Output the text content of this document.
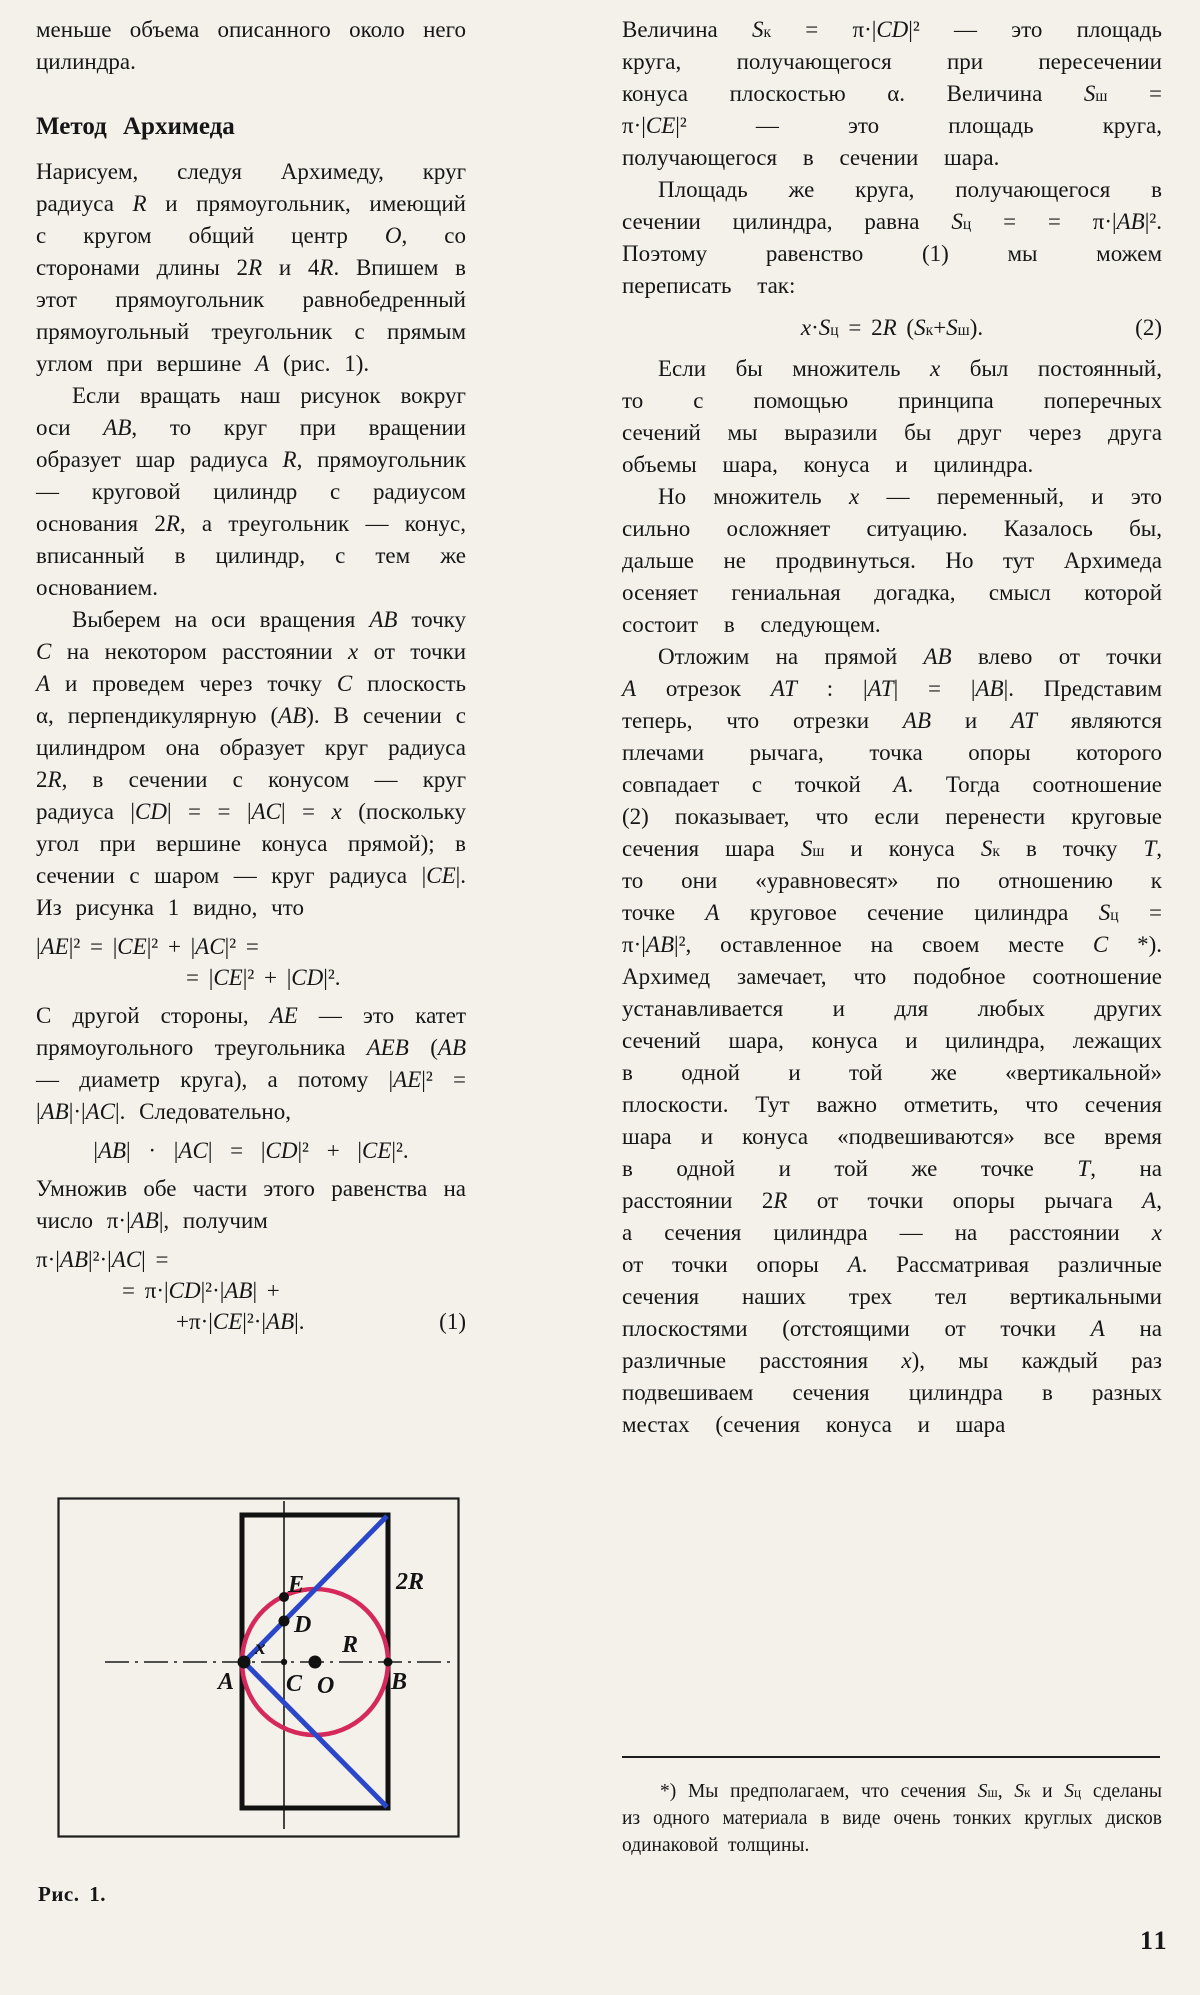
меньше объема описанного около него цилиндра.

Метод Архимеда

Нарисуем, следуя Архимеду, круг радиуса R и прямоугольник, имеющий с кругом общий центр O, со сторонами длины 2R и 4R. Впишем в этот прямоугольник равнобедренный прямоугольный треугольник с прямым углом при вершине A (рис. 1).

Если вращать наш рисунок вокруг оси AB, то круг при вращении образует шар радиуса R, прямоугольник — круговой цилиндр с радиусом основания 2R, а треугольник — конус, вписанный в цилиндр, с тем же основанием.

Выберем на оси вращения AB точку C на некотором расстоянии x от точки A и проведем через точку C плоскость α, перпендикулярную (AB). В сечении с цилиндром она образует круг радиуса 2R, в сечении с конусом — круг радиуса |CD| = = |AC| = x (поскольку угол при вершине конуса прямой); в сечении с шаром — круг радиуса |CE|. Из рисунка 1 видно, что

|AE|² = |CE|² + |AC|² =
= |CE|² + |CD|².

С другой стороны, AE — это катет прямоугольного треугольника AEB (AB — диаметр круга), а потому |AE|² = |AB|·|AC|. Следовательно,

|AB| · |AC| = |CD|² + |CE|².

Умножив обе части этого равенства на число π·|AB|, получим

π·|AB|²·|AC| =
= π·|CD|²·|AB| +
+π·|CE|²·|AB|.	(1)
E
D
x	R
2R
A C O B
Рис. 1.

Величина $S_к = \pi\cdot|CD|^2$ — это площадь круга, получающегося при пересечении конуса плоскостью α. Величина $S_ш = \pi\cdot|CE|^2$ — это площадь круга, получающегося в сечении шара.

Площадь же круга, получающегося в сечении цилиндра, равна $S_ц$ = = π·|AB|². Поэтому равенство (1) мы можем переписать так:

$x\cdot S_ц = 2R$ $(S_к+S_ш)$.	(2)

Если бы множитель x был постоянный, то с помощью принципа поперечных сечений мы выразили бы друг через друга объемы шара, конуса и цилиндра.

Но множитель x — переменный, и это сильно осложняет ситуацию. Казалось бы, дальше не продвинуться. Но тут Архимеда осеняет гениальная догадка, смысл которой состоит в следующем.

Отложим на прямой AB влево от точки A отрезок AT : |AT| = |AB|. Представим теперь, что отрезки AB и AT являются плечами рычага, точка опоры которого совпадает с точкой A. Тогда соотношение (2) показывает, что если перенести круговые сечения шара $S_ш$ и конуса $S_к$ в точку T, то они «уравновесят» по отношению к точке A круговое сечение цилиндра $S_ц = \pi\cdot|AB|^2$, оставленное на своем месте C *). Архимед замечает, что подобное соотношение устанавливается и для любых других сечений шара, конуса и цилиндра, лежащих в одной и той же «вертикальной» плоскости. Тут важно отметить, что сечения шара и конуса «подвешиваются» все время в одной и той же точке T, на расстоянии 2R от точки опоры рычага A, а сечения цилиндра — на расстоянии x от точки опоры A. Рассматривая различные сечения наших трех тел вертикальными плоскостями (отстоящими от точки A на различные расстояния x), мы каждый раз подвешиваем сечения цилиндра в разных местах (сечения конуса и шара

*) Мы предполагаем, что сечения $S_ш$, $S_к$ и $S_ц$ сделаны из одного материала в виде очень тонких круглых дисков одинаковой толщины.

11
